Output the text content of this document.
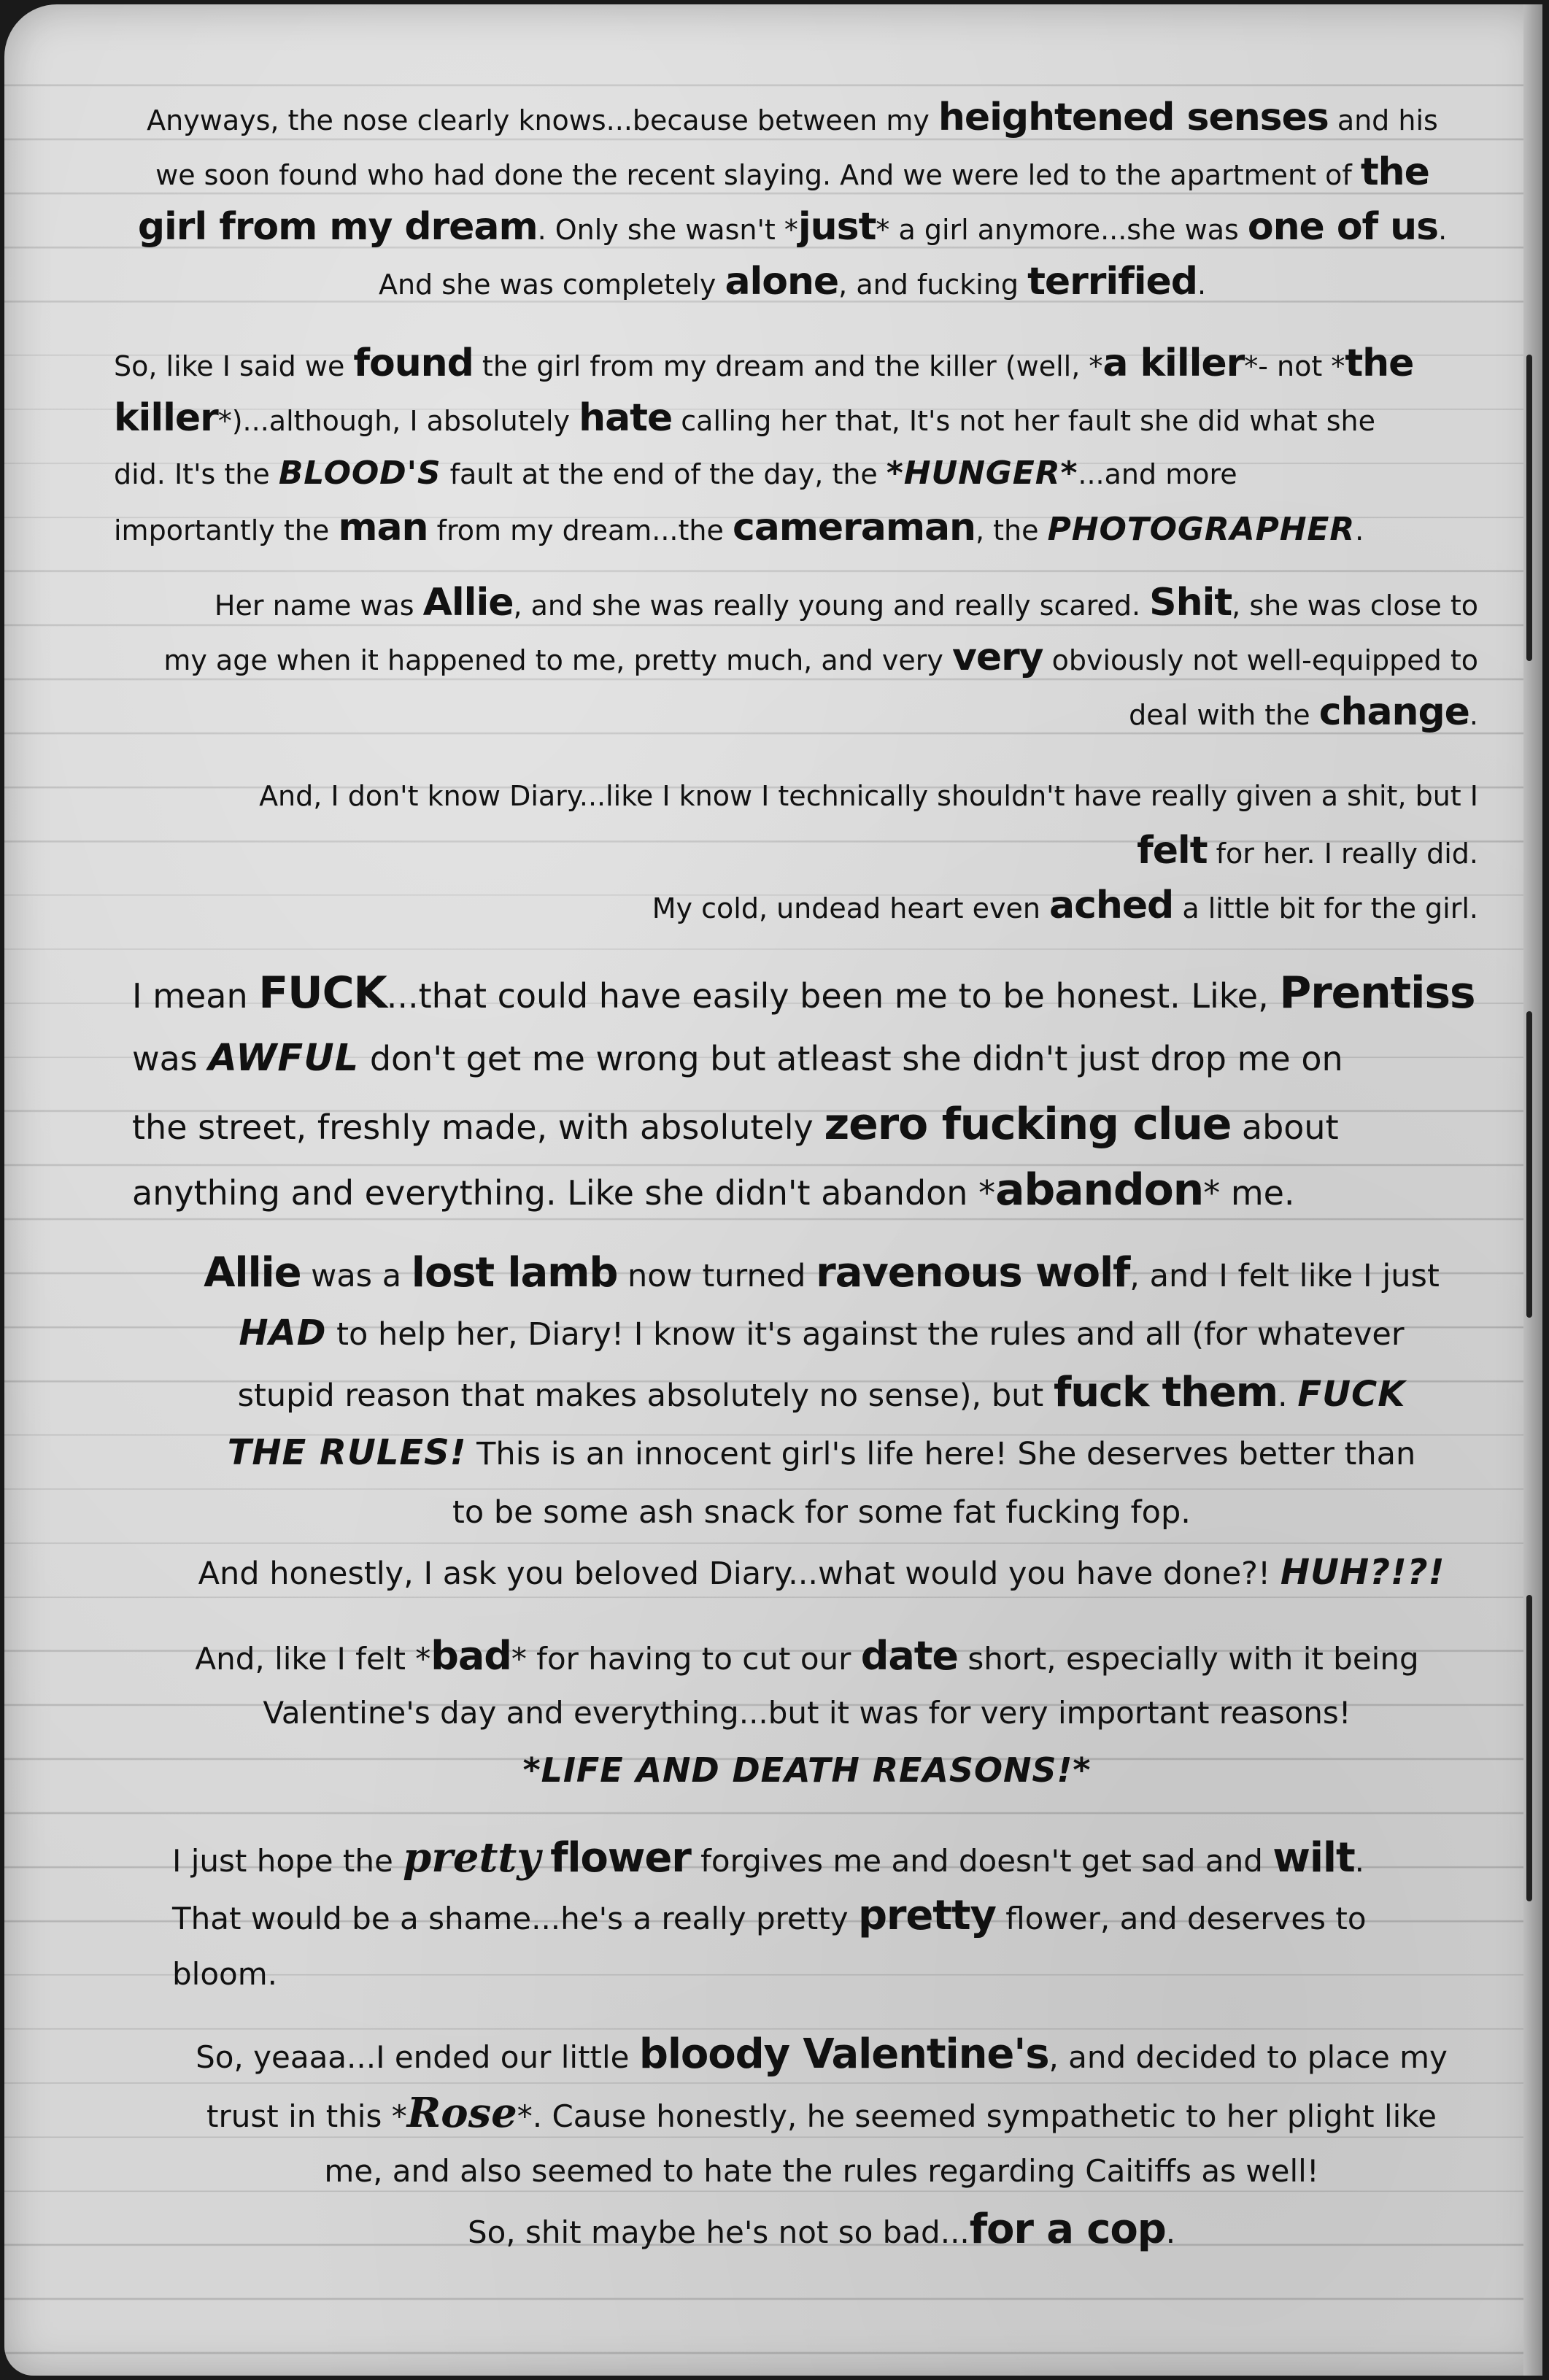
Anyways, the nose clearly knows...because between my heightened senses and his
we soon found who had done the recent slaying. And we were led to the apartment of the
girl from my dream. Only she wasn't *just* a girl anymore...she was one of us.
And she was completely alone, and fucking terrified.
So, like I said we found the girl from my dream and the killer (well, *a killer*- not *the
killer*)...although, I absolutely hate calling her that, It's not her fault she did what she
did. It's the BLOOD'S fault at the end of the day, the *HUNGER*...and more
importantly the man from my dream...the cameraman, the PHOTOGRAPHER.
Her name was Allie, and she was really young and really scared. Shit, she was close to
my age when it happened to me, pretty much, and very very obviously not well-equipped to
deal with the change.
And, I don't know Diary...like I know I technically shouldn't have really given a shit, but I
felt for her. I really did.
My cold, undead heart even ached a little bit for the girl.
I mean FUCK...that could have easily been me to be honest. Like, Prentiss
was AWFUL don't get me wrong but atleast she didn't just drop me on
the street, freshly made, with absolutely zero fucking clue about
anything and everything. Like she didn't abandon *abandon* me.
Allie was a lost lamb now turned ravenous wolf, and I felt like I just
HAD to help her, Diary! I know it's against the rules and all (for whatever
stupid reason that makes absolutely no sense), but fuck them. FUCK
THE RULES! This is an innocent girl's life here! She deserves better than
to be some ash snack for some fat fucking fop.
And honestly, I ask you beloved Diary...what would you have done?! HUH?!?!
And, like I felt *bad* for having to cut our date short, especially with it being
Valentine's day and everything...but it was for very important reasons!
*LIFE AND DEATH REASONS!*
I just hope the pretty flower forgives me and doesn't get sad and wilt.
That would be a shame...he's a really pretty pretty flower, and deserves to
bloom.
So, yeaaa...I ended our little bloody Valentine's, and decided to place my
trust in this *Rose*. Cause honestly, he seemed sympathetic to her plight like
me, and also seemed to hate the rules regarding Caitiffs as well!
So, shit maybe he's not so bad...for a cop.
